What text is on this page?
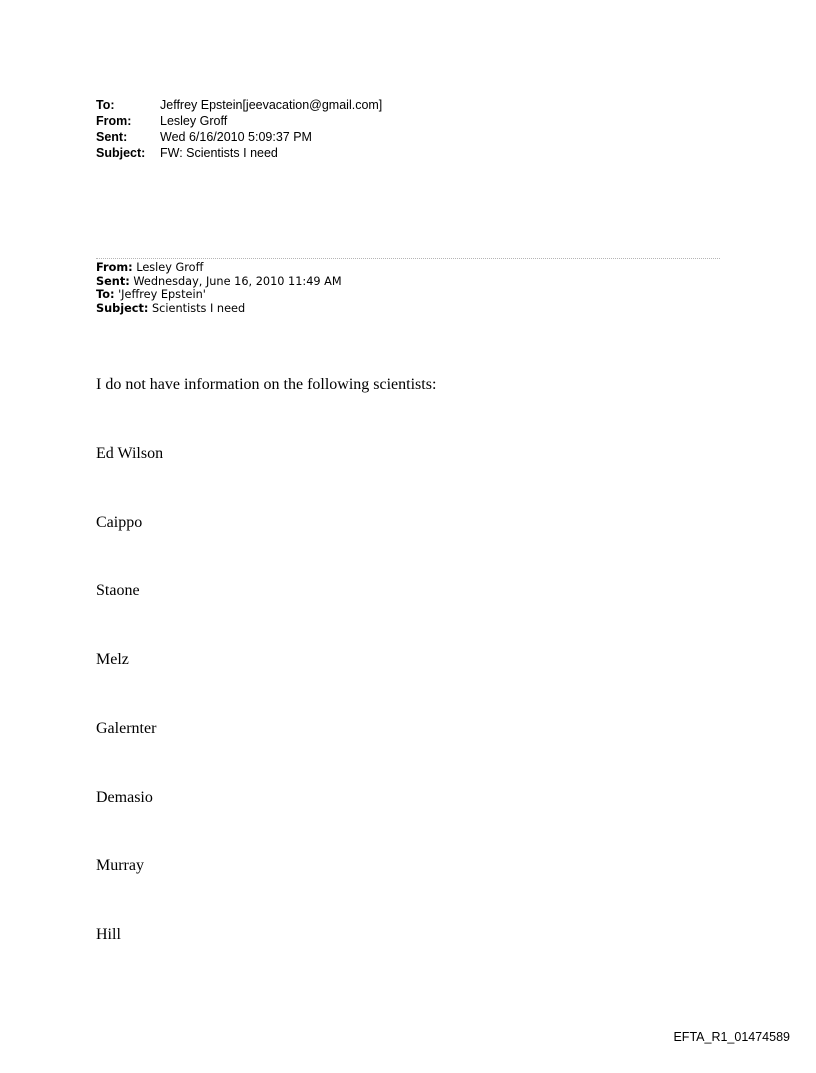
To:	Jeffrey Epstein[jeevacation@gmail.com]
From:	Lesley Groff
Sent:	Wed 6/16/2010 5:09:37 PM
Subject:	FW: Scientists I need
From: Lesley Groff
Sent: Wednesday, June 16, 2010 11:49 AM
To: 'Jeffrey Epstein'
Subject: Scientists I need
I do not have information on the following scientists:
Ed Wilson
Caippo
Staone
Melz
Galernter
Demasio
Murray
Hill
EFTA_R1_01474589
